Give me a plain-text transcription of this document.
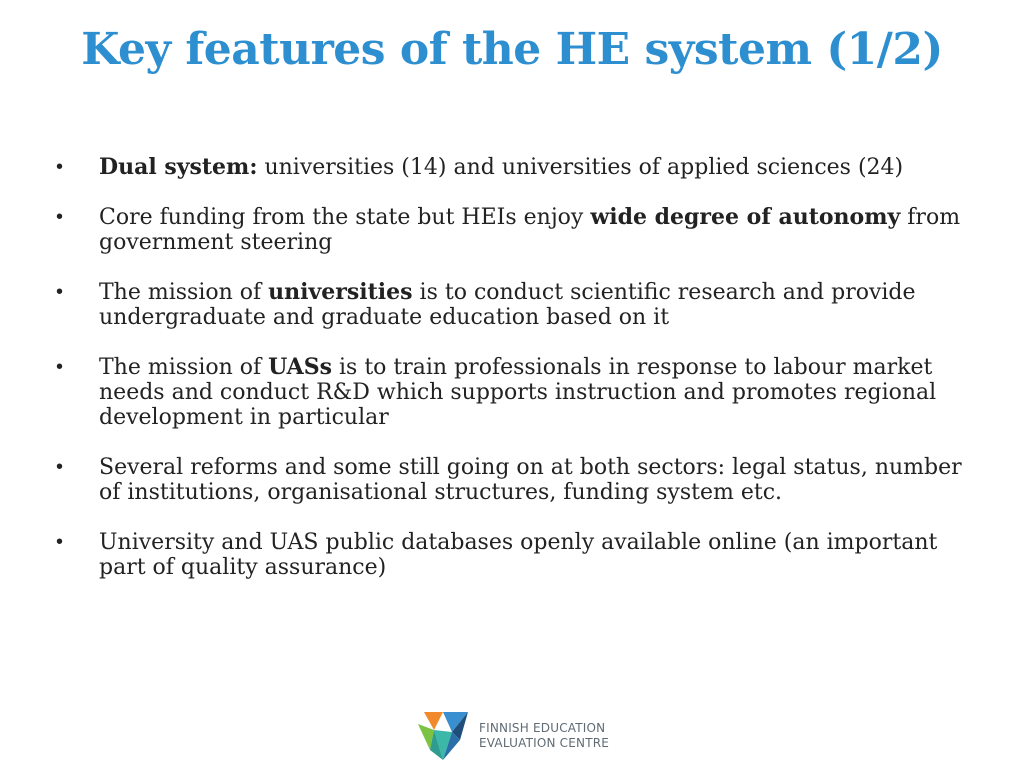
Key features of the HE system (1/2)
•	Dual system: universities (14) and universities of applied sciences (24)
•	Core funding from the state but HEIs enjoy wide degree of autonomy from government steering
•	The mission of universities is to conduct scientific research and provide undergraduate and graduate education based on it
•	The mission of UASs is to train professionals in response to labour market needs and conduct R&D which supports instruction and promotes regional development in particular
•	Several reforms and some still going on at both sectors: legal status, number of institutions, organisational structures, funding system etc.
•	University and UAS public databases openly available online (an important part of quality assurance)
FINNISH EDUCATION
EVALUATION CENTRE
